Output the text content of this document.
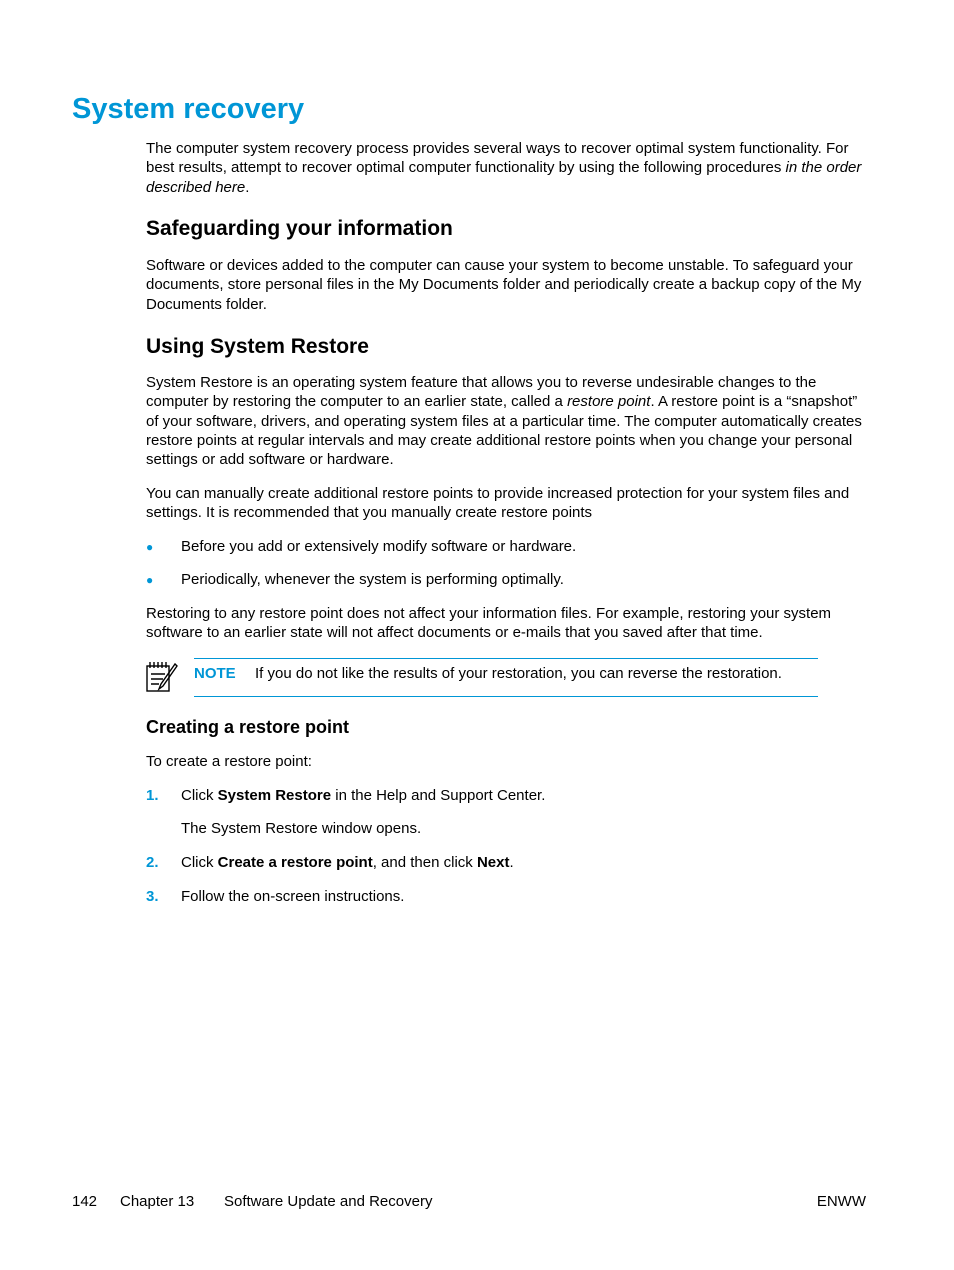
System recovery

The computer system recovery process provides several ways to recover optimal system functionality. For best results, attempt to recover optimal computer functionality by using the following procedures in the order described here.

Safeguarding your information

Software or devices added to the computer can cause your system to become unstable. To safeguard your documents, store personal files in the My Documents folder and periodically create a backup copy of the My Documents folder.

Using System Restore

System Restore is an operating system feature that allows you to reverse undesirable changes to the computer by restoring the computer to an earlier state, called a restore point. A restore point is a “snapshot” of your software, drivers, and operating system files at a particular time. The computer automatically creates restore points at regular intervals and may create additional restore points when you change your personal settings or add software or hardware.

You can manually create additional restore points to provide increased protection for your system files and settings. It is recommended that you manually create restore points

● Before you add or extensively modify software or hardware.

● Periodically, whenever the system is performing optimally.

Restoring to any restore point does not affect your information files. For example, restoring your system software to an earlier state will not affect documents or e-mails that you saved after that time.

NOTE If you do not like the results of your restoration, you can reverse the restoration.
Creating a restore point

To create a restore point:

1. Click System Restore in the Help and Support Center.

The System Restore window opens.

2. Click Create a restore point, and then click Next.

3. Follow the on-screen instructions.

142 Chapter 13 Software Update and Recovery	ENWW
